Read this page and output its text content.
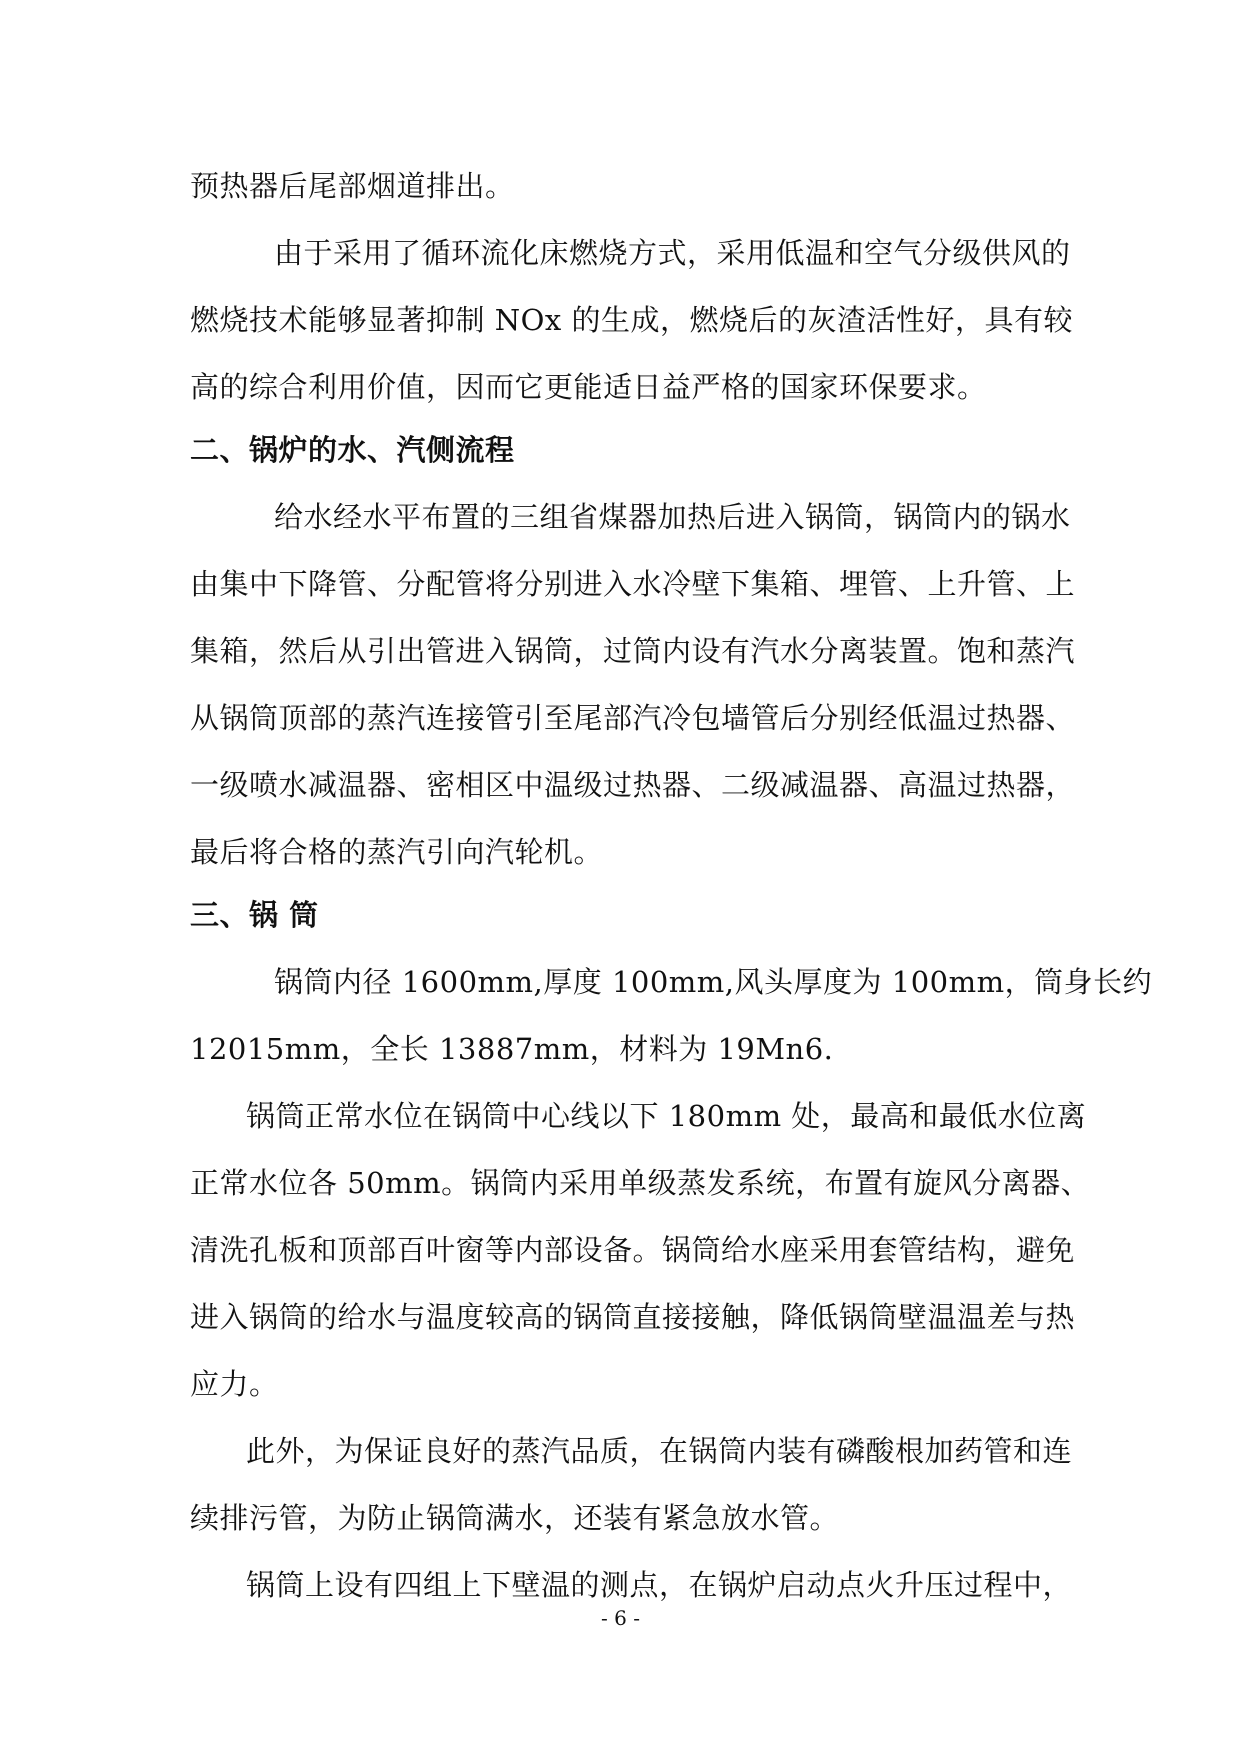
预热器后尾部烟道排出。
由于采用了循环流化床燃烧方式，采用低温和空气分级供风的
燃烧技术能够显著抑制 NOx 的生成，燃烧后的灰渣活性好，具有较
高的综合利用价值，因而它更能适日益严格的国家环保要求。
二、锅炉的水、汽侧流程
给水经水平布置的三组省煤器加热后进入锅筒，锅筒内的锅水
由集中下降管、分配管将分别进入水冷壁下集箱、埋管、上升管、上
集箱，然后从引出管进入锅筒，过筒内设有汽水分离装置。饱和蒸汽
从锅筒顶部的蒸汽连接管引至尾部汽冷包墙管后分别经低温过热器、
一级喷水减温器、密相区中温级过热器、二级减温器、高温过热器，
最后将合格的蒸汽引向汽轮机。
三、锅 筒
锅筒内径 1600mm,厚度 100mm,风头厚度为 100mm，筒身长约
12015mm，全长 13887mm，材料为 19Mn6.
锅筒正常水位在锅筒中心线以下 180mm 处，最高和最低水位离
正常水位各 50mm。锅筒内采用单级蒸发系统，布置有旋风分离器、
清洗孔板和顶部百叶窗等内部设备。锅筒给水座采用套管结构，避免
进入锅筒的给水与温度较高的锅筒直接接触，降低锅筒壁温温差与热
应力。
此外，为保证良好的蒸汽品质，在锅筒内装有磷酸根加药管和连
续排污管，为防止锅筒满水，还装有紧急放水管。
锅筒上设有四组上下壁温的测点，在锅炉启动点火升压过程中，
- 6 -
